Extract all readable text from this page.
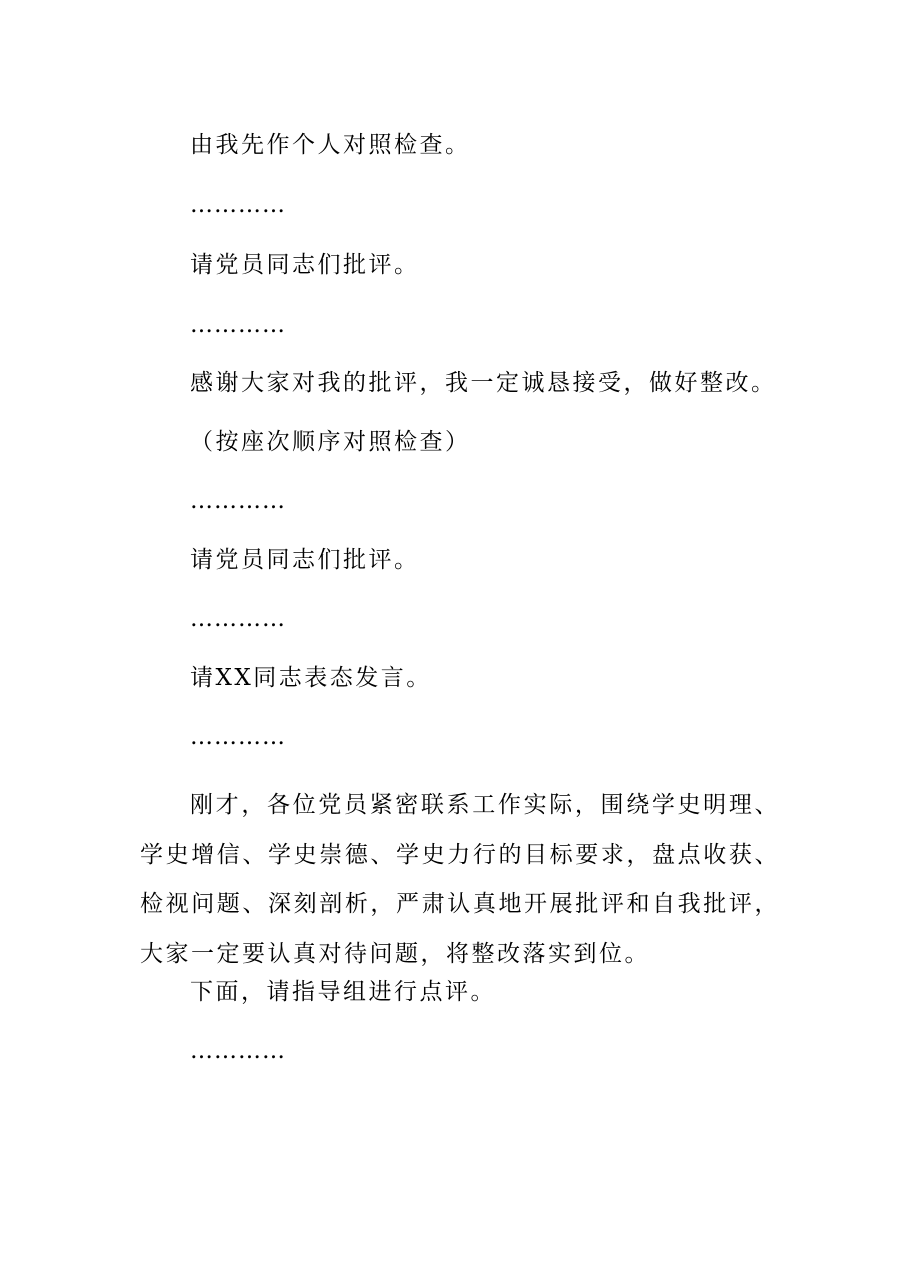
由我先作个人对照检查。
…………
请党员同志们批评。
…………
感谢大家对我的批评，我一定诚恳接受，做好整改。
（按座次顺序对照检查）
…………
请党员同志们批评。
…………
请XX同志表态发言。
…………
刚才，各位党员紧密联系工作实际，围绕学史明理、学史增信、学史崇德、学史力行的目标要求，盘点收获、检视问题、深刻剖析，严肃认真地开展批评和自我批评，大家一定要认真对待问题，将整改落实到位。
下面，请指导组进行点评。
…………
